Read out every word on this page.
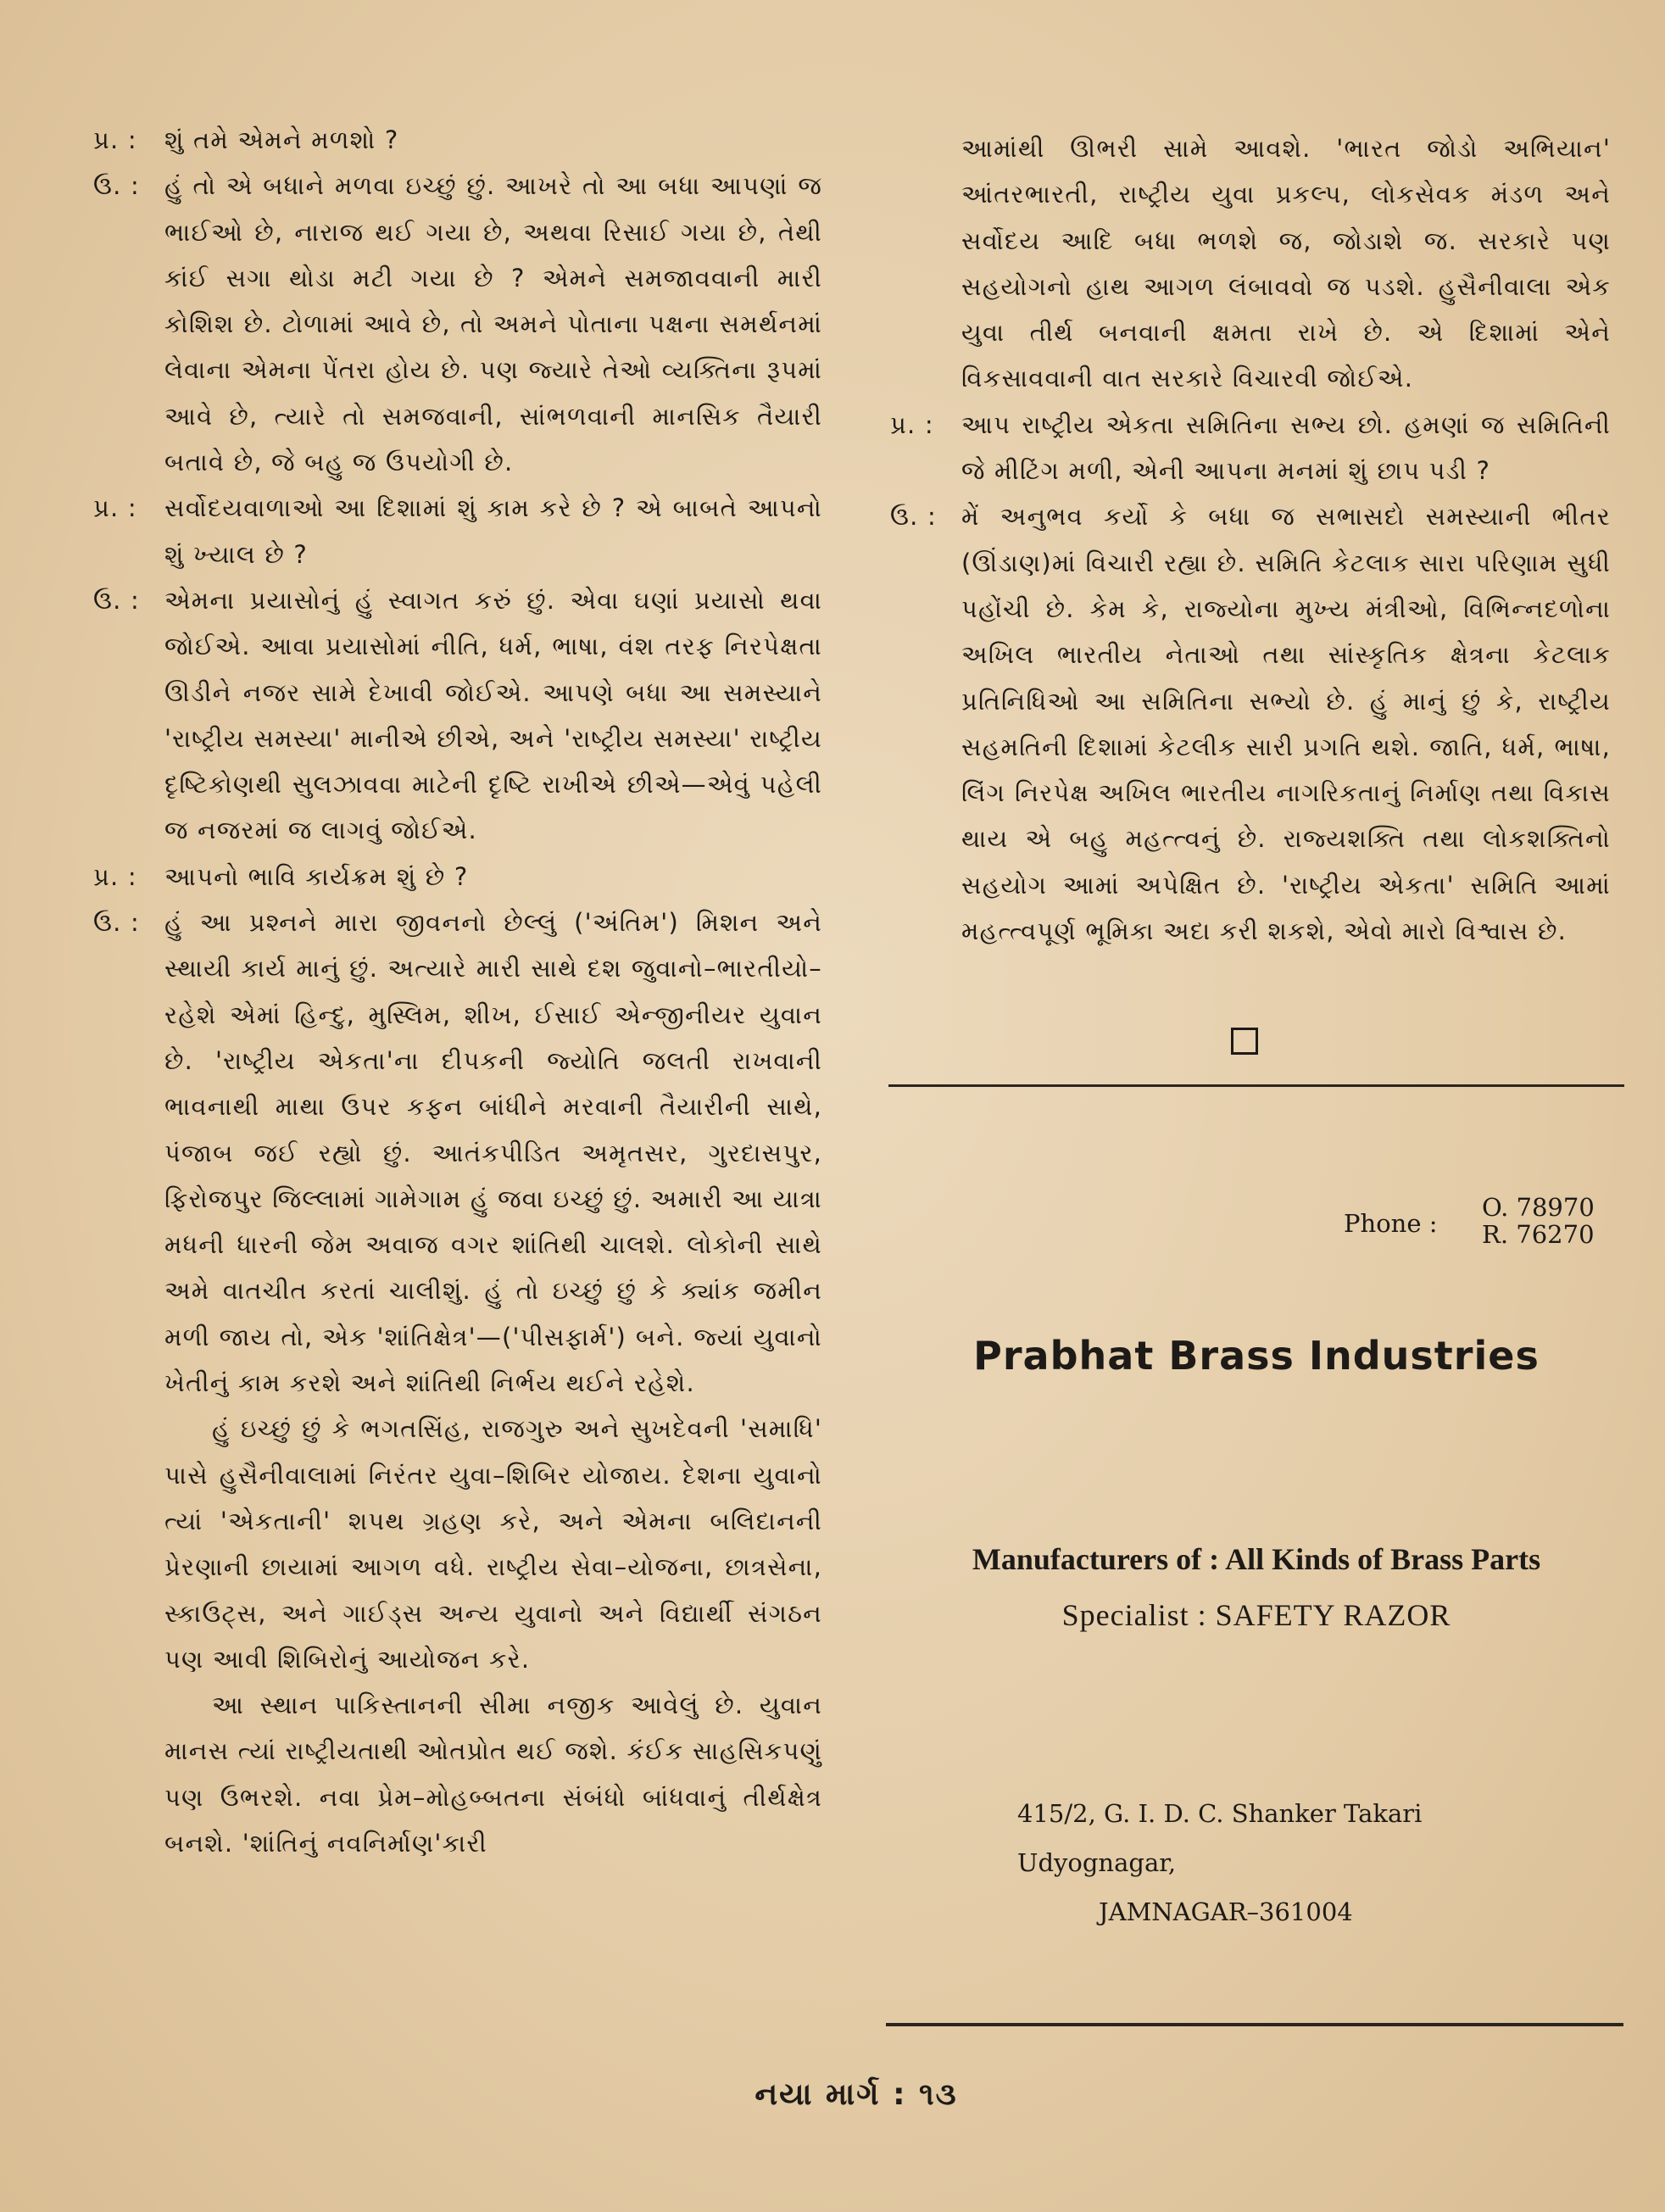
પ્ર. :	શું તમે એમને મળશો ?
ઉ. :	હું તો એ બધાને મળવા ઇચ્છું છું. આખરે તો આ બધા આપણાં જ ભાઈઓ છે, નારાજ થઈ ગયા છે, અથવા રિસાઈ ગયા છે, તેથી કાંઈ સગા થોડા મટી ગયા છે ? એમને સમજાવવાની મારી કોશિશ છે. ટોળામાં આવે છે, તો અમને પોતાના પક્ષના સમર્થનમાં લેવાના એમના પેંતરા હોય છે. પણ જ્યારે તેઓ વ્યક્તિના રૂપમાં આવે છે, ત્યારે તો સમજવાની, સાંભળવાની માનસિક તૈયારી બતાવે છે, જે બહુ જ ઉપયોગી છે.
પ્ર. :	સર્વોદયવાળાઓ આ દિશામાં શું કામ કરે છે ? એ બાબતે આપનો શું ખ્યાલ છે ?
ઉ. :	એમના પ્રયાસોનું હું સ્વાગત કરું છું. એવા ઘણાં પ્રયાસો થવા જોઈએ. આવા પ્રયાસોમાં નીતિ, ધર્મ, ભાષા, વંશ તરફ નિરપેક્ષતા ઊડીને નજર સામે દેખાવી જોઈએ. આપણે બધા આ સમસ્યાને 'રાષ્ટ્રીય સમસ્યા' માનીએ છીએ, અને 'રાષ્ટ્રીય સમસ્યા' રાષ્ટ્રીય દૃષ્ટિકોણથી સુલઝાવવા માટેની દૃષ્ટિ રાખીએ છીએ—એવું પહેલી જ નજરમાં જ લાગવું જોઈએ.
પ્ર. :	આપનો ભાવિ કાર્યક્રમ શું છે ?
ઉ. :	હું આ પ્રશ્નને મારા જીવનનો છેલ્લું ('અંતિમ') મિશન અને સ્થાયી કાર્ય માનું છું. અત્યારે મારી સાથે દશ જુવાનો–ભારતીયો–રહેશે એમાં હિન્દુ, મુસ્લિમ, શીખ, ઈસાઈ એન્જીનીયર યુવાન છે. 'રાષ્ટ્રીય એકતા'ના દીપકની જ્યોતિ જલતી રાખવાની ભાવનાથી માથા ઉપર કફન બાંધીને મરવાની તૈયારીની સાથે, પંજાબ જઈ રહ્યો છું. આતંકપીડિત અમૃતસર, ગુરદાસપુર, ફિરોજપુર જિલ્લામાં ગામેગામ હું જવા ઇચ્છું છું. અમારી આ યાત્રા મધની ધારની જેમ અવાજ વગર શાંતિથી ચાલશે. લોકોની સાથે અમે વાતચીત કરતાં ચાલીશું. હું તો ઇચ્છું છું કે ક્યાંક જમીન મળી જાય તો, એક 'શાંતિક્ષેત્ર'—('પીસફાર્મ') બને. જ્યાં યુવાનો ખેતીનું કામ કરશે અને શાંતિથી નિર્ભય થઈને રહેશે.
હું ઇચ્છું છું કે ભગતસિંહ, રાજગુરુ અને સુખદેવની 'સમાધિ' પાસે હુસૈનીવાલામાં નિરંતર યુવા–શિબિર યોજાય. દેશના યુવાનો ત્યાં 'એકતાની' શપથ ગ્રહણ કરે, અને એમના બલિદાનની પ્રેરણાની છાયામાં આગળ વધે. રાષ્ટ્રીય સેવા–યોજના, છાત્રસેના, સ્કાઉટ્સ, અને ગાઈડ્સ અન્ય યુવાનો અને વિદ્યાર્થી સંગઠન પણ આવી શિબિરોનું આયોજન કરે.
આ સ્થાન પાકિસ્તાનની સીમા નજીક આવેલું છે. યુવાન માનસ ત્યાં રાષ્ટ્રીયતાથી ઓતપ્રોત થઈ જશે. કંઈક સાહસિકપણું પણ ઉભરશે. નવા પ્રેમ–મોહબ્બતના સંબંધો બાંધવાનું તીર્થક્ષેત્ર બનશે. 'શાંતિનું નવનિર્માણ'કારી
આમાંથી ઊભરી સામે આવશે. 'ભારત જોડો અભિયાન' આંતરભારતી, રાષ્ટ્રીય યુવા પ્રકલ્પ, લોકસેવક મંડળ અને સર્વોદય આદિ બધા ભળશે જ, જોડાશે જ. સરકારે પણ સહયોગનો હાથ આગળ લંબાવવો જ પડશે. હુસૈનીવાલા એક યુવા તીર્થ બનવાની ક્ષમતા રાખે છે. એ દિશામાં એને વિકસાવવાની વાત સરકારે વિચારવી જોઈએ.
પ્ર. :	આપ રાષ્ટ્રીય એકતા સમિતિના સભ્ય છો. હમણાં જ સમિતિની જે મીટિંગ મળી, એની આપના મનમાં શું છાપ પડી ?
ઉ. :	મેં અનુભવ કર્યો કે બધા જ સભાસદો સમસ્યાની ભીતર (ઊંડાણ)માં વિચારી રહ્યા છે. સમિતિ કેટલાક સારા પરિણામ સુધી પહોંચી છે. કેમ કે, રાજ્યોના મુખ્ય મંત્રીઓ, વિભિન્નદળોના અખિલ ભારતીય નેતાઓ તથા સાંસ્કૃતિક ક્ષેત્રના કેટલાક પ્રતિનિધિઓ આ સમિતિના સભ્યો છે. હું માનું છું કે, રાષ્ટ્રીય સહમતિની દિશામાં કેટલીક સારી પ્રગતિ થશે. જાતિ, ધર્મ, ભાષા, લિંગ નિરપેક્ષ અખિલ ભારતીય નાગરિકતાનું નિર્માણ તથા વિકાસ થાય એ બહુ મહત્ત્વનું છે. રાજ્યશક્તિ તથા લોકશક્તિનો સહયોગ આમાં અપેક્ષિત છે. 'રાષ્ટ્રીય એકતા' સમિતિ આમાં મહત્ત્વપૂર્ણ ભૂમિકા અદા કરી શકશે, એવો મારો વિશ્વાસ છે.
Phone :
O. 78970
R. 76270
Prabhat Brass Industries
Manufacturers of : All Kinds of Brass Parts
Specialist : SAFETY RAZOR
415/2, G. I. D. C. Shanker Takari
Udyognagar,
JAMNAGAR–361004
નયા માર્ગ : ૧૩
